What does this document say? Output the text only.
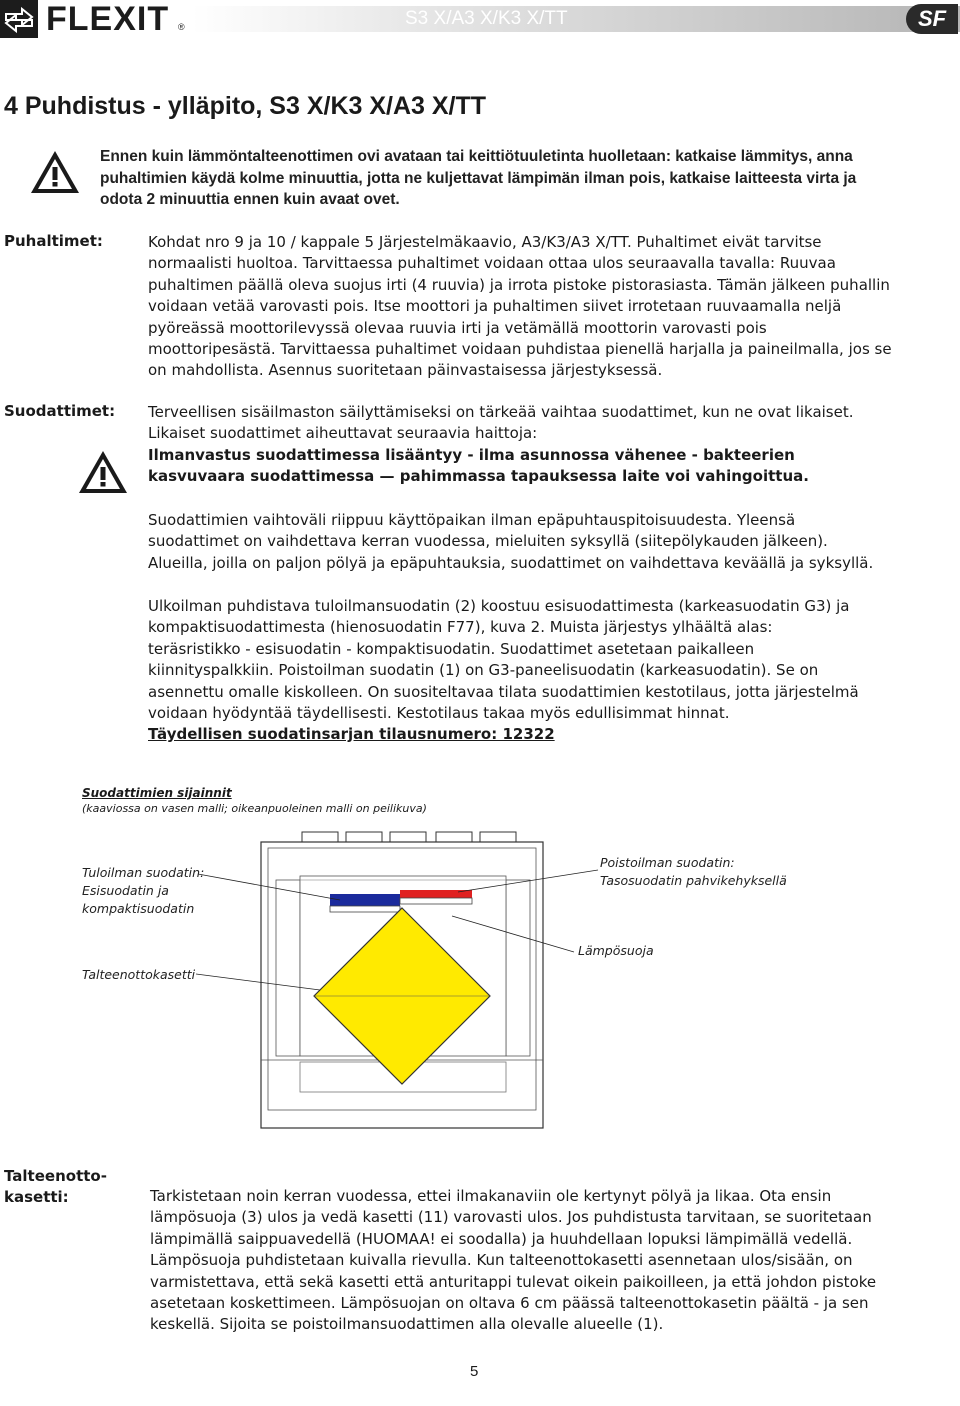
FLEXIT ®	S3 X/A3 X/K3 X/TT	SF
4 Puhdistus - ylläpito, S3 X/K3 X/A3 X/TT
Ennen kuin lämmöntalteenottimen ovi avataan tai keittiötuuletinta huolletaan: katkaise lämmitys, anna puhaltimien käydä kolme minuuttia, jotta ne kuljettavat lämpimän ilman pois, katkaise laitteesta virta ja odota 2 minuuttia ennen kuin avaat ovet.
Puhaltimet:	Kohdat nro 9 ja 10 / kappale 5 Järjestelmäkaavio, A3/K3/A3 X/TT. Puhaltimet eivät tarvitse normaalisti huoltoa. Tarvittaessa puhaltimet voidaan ottaa ulos seuraavalla tavalla: Ruuvaa puhaltimen päällä oleva suojus irti (4 ruuvia) ja irrota pistoke pistorasiasta. Tämän jälkeen puhallin voidaan vetää varovasti pois. Itse moottori ja puhaltimen siivet irrotetaan ruuvaamalla neljä pyöreässä moottorilevyssä olevaa ruuvia irti ja vetämällä moottorin varovasti pois moottoripesästä. Tarvittaessa puhaltimet voidaan puhdistaa pienellä harjalla ja paineilmalla, jos se on mahdollista. Asennus suoritetaan päinvastaisessa järjestyksessä.

Suodattimet: Terveellisen sisäilmaston säilyttämiseksi on tärkeää vaihtaa suodattimet, kun ne ovat likaiset. Likaiset suodattimet aiheuttavat seuraavia haittoja:

Ilmanvastus suodattimessa lisääntyy - ilma asunnossa vähenee - bakteerien kasvuvaara suodattimessa — pahimmassa tapauksessa laite voi vahingoittua.

Suodattimien vaihtoväli riippuu käyttöpaikan ilman epäpuhtauspitoisuudesta. Yleensä suodattimet on vaihdettava kerran vuodessa, mieluiten syksyllä (siitepölykauden jälkeen). Alueilla, joilla on paljon pölyä ja epäpuhtauksia, suodattimet on vaihdettava keväällä ja syksyllä.

Ulkoilman puhdistava tuloilmansuodatin (2) koostuu esisuodattimesta (karkeasuodatin G3) ja kompaktisuodattimesta (hienosuodatin F77), kuva 2. Muista järjestys ylhäältä alas: teräsristikko - esisuodatin - kompaktisuodatin. Suodattimet asetetaan paikalleen kiinnityspalkkiin. Poistoilman suodatin (1) on G3-paneelisuodatin (karkeasuodatin). Se on asennettu omalle kiskolleen. On suositeltavaa tilata suodattimien kestotilaus, jotta järjestelmä voidaan hyödyntää täydellisesti. Kestotilaus takaa myös edullisimmat hinnat.

Täydellisen suodatinsarjan tilausnumero: 12322

Suodattimien sijainnit
(kaaviossa on vasen malli; oikeanpuoleinen malli on peilikuva)
Tuloilman suodatin: Esisuodatin ja kompaktisuodatin
Poistoilman suodatin: Tasosuodatin pahvikehyksellä
Lämpösuoja
Talteenottokasetti
Talteenotto-kasetti:	Tarkistetaan noin kerran vuodessa, ettei ilmakanaviin ole kertynyt pölyä ja likaa. Ota ensin lämpösuoja (3) ulos ja vedä kasetti (11) varovasti ulos. Jos puhdistusta tarvitaan, se suoritetaan lämpimällä saippuavedellä (HUOMAA! ei soodalla) ja huuhdellaan lopuksi lämpimällä vedellä. Lämpösuoja puhdistetaan kuivalla rievulla. Kun talteenottokasetti asennetaan ulos/sisään, on varmistettava, että sekä kasetti että anturitappi tulevat oikein paikoilleen, ja että johdon pistoke asetetaan koskettimeen. Lämpösuojan on oltava 6 cm päässä talteenottokasetin päältä - ja sen keskellä. Sijoita se poistoilmansuodattimen alla olevalle alueelle (1).

5
